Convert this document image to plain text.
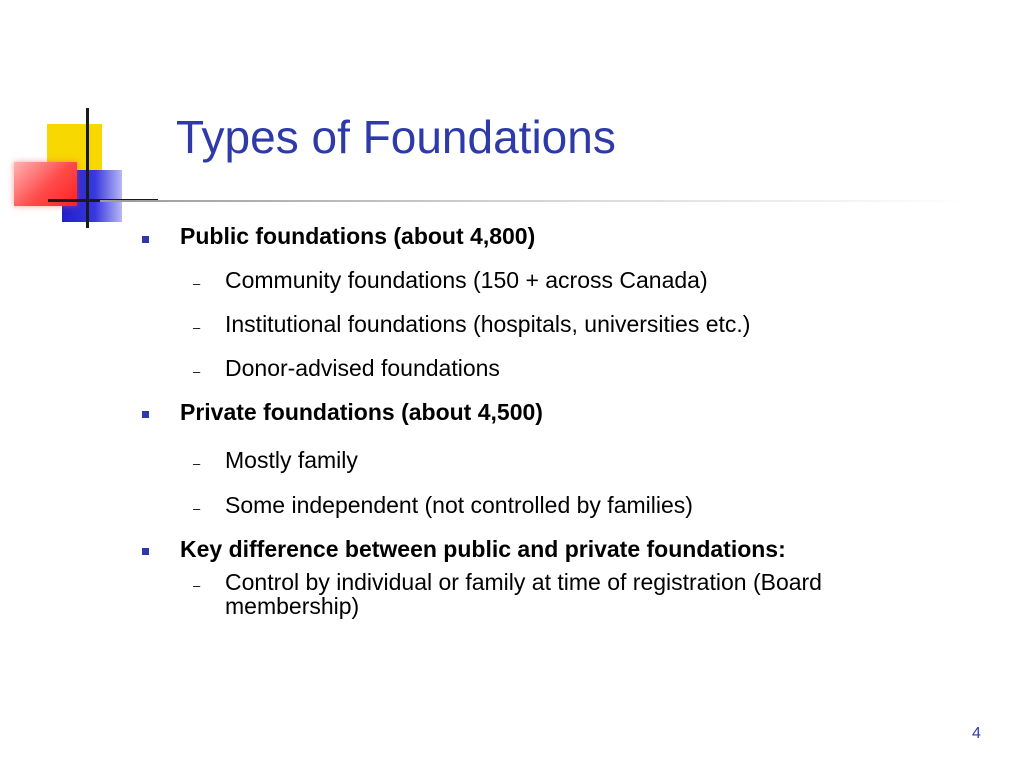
Types of Foundations
Public foundations (about 4,800)
– Community foundations (150 + across Canada)
– Institutional foundations (hospitals, universities etc.)
– Donor-advised foundations
Private foundations (about 4,500)
– Mostly family
– Some independent (not controlled by families)
Key difference between public and private foundations:
– Control by individual or family at time of registration (Board
membership)
4
